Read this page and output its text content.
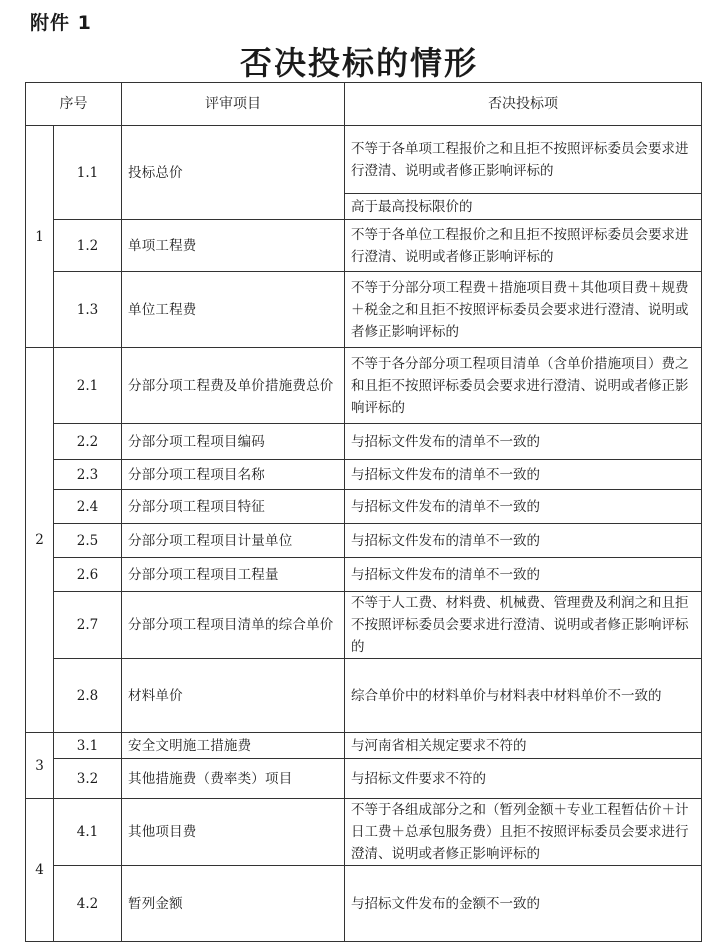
附件 1
否决投标的情形
序号		评审项目	否决投标项
1	1.1	投标总价	不等于各单项工程报价之和且拒不按照评标委员会要求进行澄清、说明或者修正影响评标的
			高于最高投标限价的
	1.2	单项工程费	不等于各单位工程报价之和且拒不按照评标委员会要求进行澄清、说明或者修正影响评标的
	1.3	单位工程费	不等于分部分项工程费＋措施项目费＋其他项目费＋规费＋税金之和且拒不按照评标委员会要求进行澄清、说明或者修正影响评标的
2	2.1	分部分项工程费及单价措施费总价	不等于各分部分项工程项目清单（含单价措施项目）费之和且拒不按照评标委员会要求进行澄清、说明或者修正影响评标的
	2.2	分部分项工程项目编码	与招标文件发布的清单不一致的
	2.3	分部分项工程项目名称	与招标文件发布的清单不一致的
	2.4	分部分项工程项目特征	与招标文件发布的清单不一致的
	2.5	分部分项工程项目计量单位	与招标文件发布的清单不一致的
	2.6	分部分项工程项目工程量	与招标文件发布的清单不一致的
	2.7	分部分项工程项目清单的综合单价	不等于人工费、材料费、机械费、管理费及利润之和且拒不按照评标委员会要求进行澄清、说明或者修正影响评标的
	2.8	材料单价	综合单价中的材料单价与材料表中材料单价不一致的
3	3.1	安全文明施工措施费	与河南省相关规定要求不符的
	3.2	其他措施费（费率类）项目	与招标文件要求不符的
4	4.1	其他项目费	不等于各组成部分之和（暂列金额＋专业工程暂估价＋计日工费＋总承包服务费）且拒不按照评标委员会要求进行澄清、说明或者修正影响评标的
	4.2	暂列金额	与招标文件发布的金额不一致的
